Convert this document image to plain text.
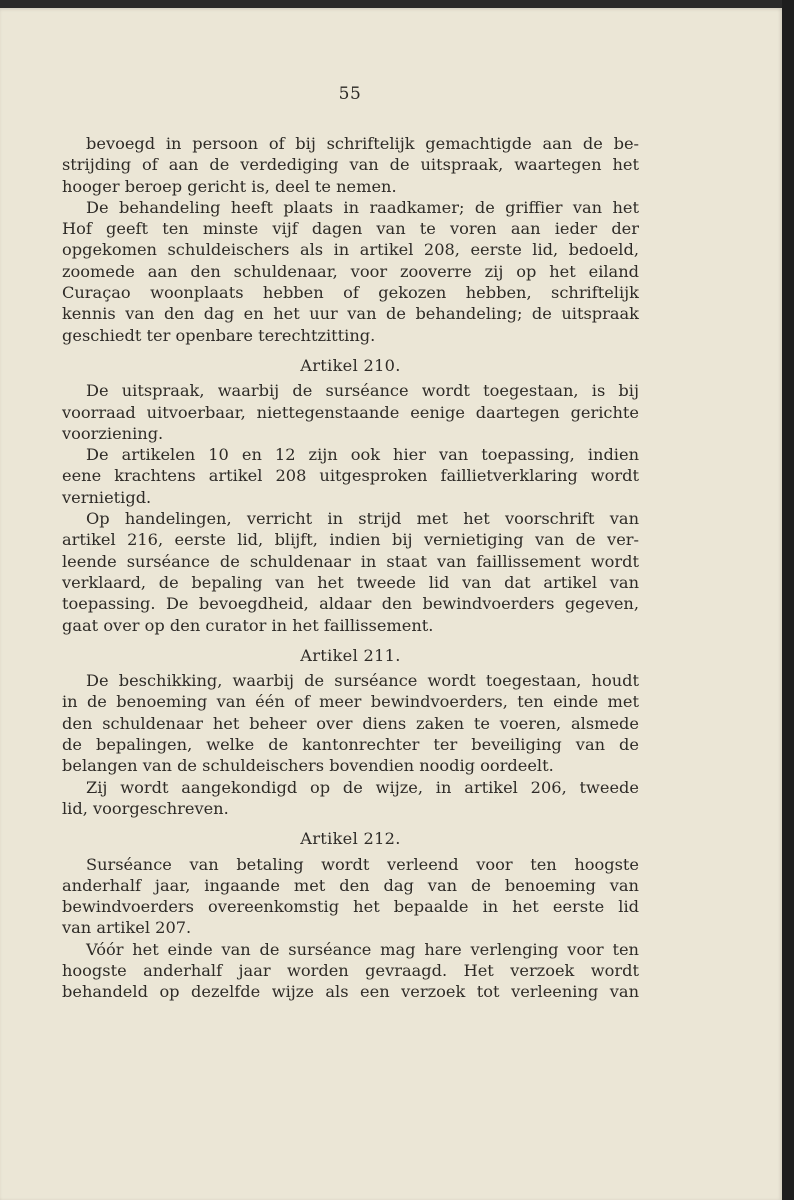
55
bevoegd in persoon of bij schriftelijk gemachtigde aan de be-
strijding of aan de verdediging van de uitspraak, waartegen het
hooger beroep gericht is, deel te nemen.
De behandeling heeft plaats in raadkamer; de griffier van het
Hof geeft ten minste vijf dagen van te voren aan ieder der
opgekomen schuldeischers als in artikel 208, eerste lid, bedoeld,
zoomede aan den schuldenaar, voor zooverre zij op het eiland
Curaçao woonplaats hebben of gekozen hebben, schriftelijk
kennis van den dag en het uur van de behandeling; de uitspraak
geschiedt ter openbare terechtzitting.
Artikel 210.
De uitspraak, waarbij de surséance wordt toegestaan, is bij
voorraad uitvoerbaar, niettegenstaande eenige daartegen gerichte
voorziening.
De artikelen 10 en 12 zijn ook hier van toepassing, indien
eene krachtens artikel 208 uitgesproken faillietverklaring wordt
vernietigd.
Op handelingen, verricht in strijd met het voorschrift van
artikel 216, eerste lid, blijft, indien bij vernietiging van de ver-
leende surséance de schuldenaar in staat van faillissement wordt
verklaard, de bepaling van het tweede lid van dat artikel van
toepassing. De bevoegdheid, aldaar den bewindvoerders gegeven,
gaat over op den curator in het faillissement.
Artikel 211.
De beschikking, waarbij de surséance wordt toegestaan, houdt
in de benoeming van één of meer bewindvoerders, ten einde met
den schuldenaar het beheer over diens zaken te voeren, alsmede
de bepalingen, welke de kantonrechter ter beveiliging van de
belangen van de schuldeischers bovendien noodig oordeelt.
Zij wordt aangekondigd op de wijze, in artikel 206, tweede
lid, voorgeschreven.
Artikel 212.
Surséance van betaling wordt verleend voor ten hoogste
anderhalf jaar, ingaande met den dag van de benoeming van
bewindvoerders overeenkomstig het bepaalde in het eerste lid
van artikel 207.
Vóór het einde van de surséance mag hare verlenging voor ten
hoogste anderhalf jaar worden gevraagd. Het verzoek wordt
behandeld op dezelfde wijze als een verzoek tot verleening van
